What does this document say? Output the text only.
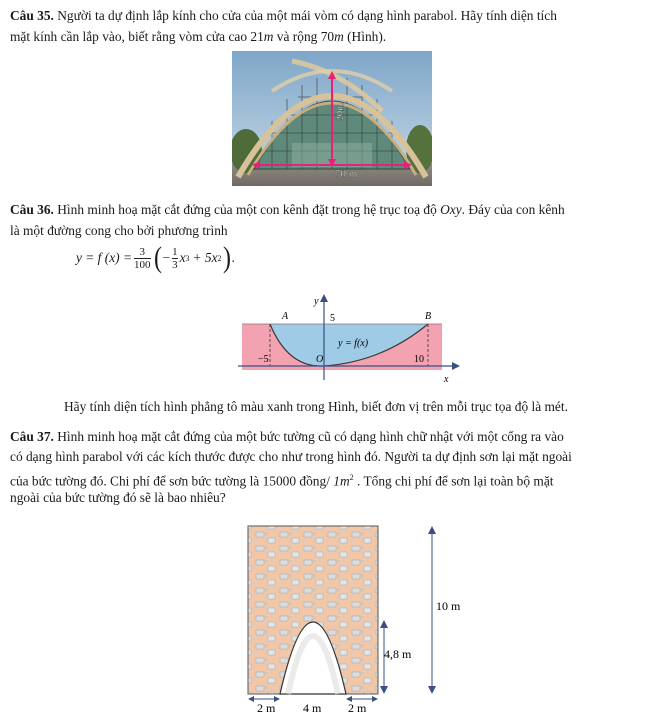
Câu 35. Người ta dự định lắp kính cho cửa của một mái vòm có dạng hình parabol. Hãy tính diện tích
mặt kính cần lắp vào, biết rằng vòm cửa cao 21m và rộng 70m (Hình).
20m
70 m
Câu 36. Hình minh hoạ mặt cắt đứng của một con kênh đặt trong hệ trục toạ độ Oxy. Đáy của con kênh
là một đường cong cho bởi phương trình
y = f $(x) = \frac{3}{100}$ ( − $\frac{1}{3}$ x 3 + 5x 2 ) .
y
x
A	B
5
−5	O	10
y = f(x)
Hãy tính diện tích hình phẳng tô màu xanh trong Hình, biết đơn vị trên mỗi trục tọa độ là mét.
Câu 37. Hình minh hoạ mặt cắt đứng của một bức tường cũ có dạng hình chữ nhật với một cổng ra vào
có dạng hình parabol với các kích thước được cho như trong hình đó. Người ta dự định sơn lại mặt ngoài
của bức tường đó. Chi phí để sơn bức tường là 15000 đồng/ $1m^2$ . Tổng chi phí để sơn lại toàn bộ mặt
ngoài của bức tường đó sẽ là bao nhiêu?
10 m
4,8 m
2 m 4 m 2 m
